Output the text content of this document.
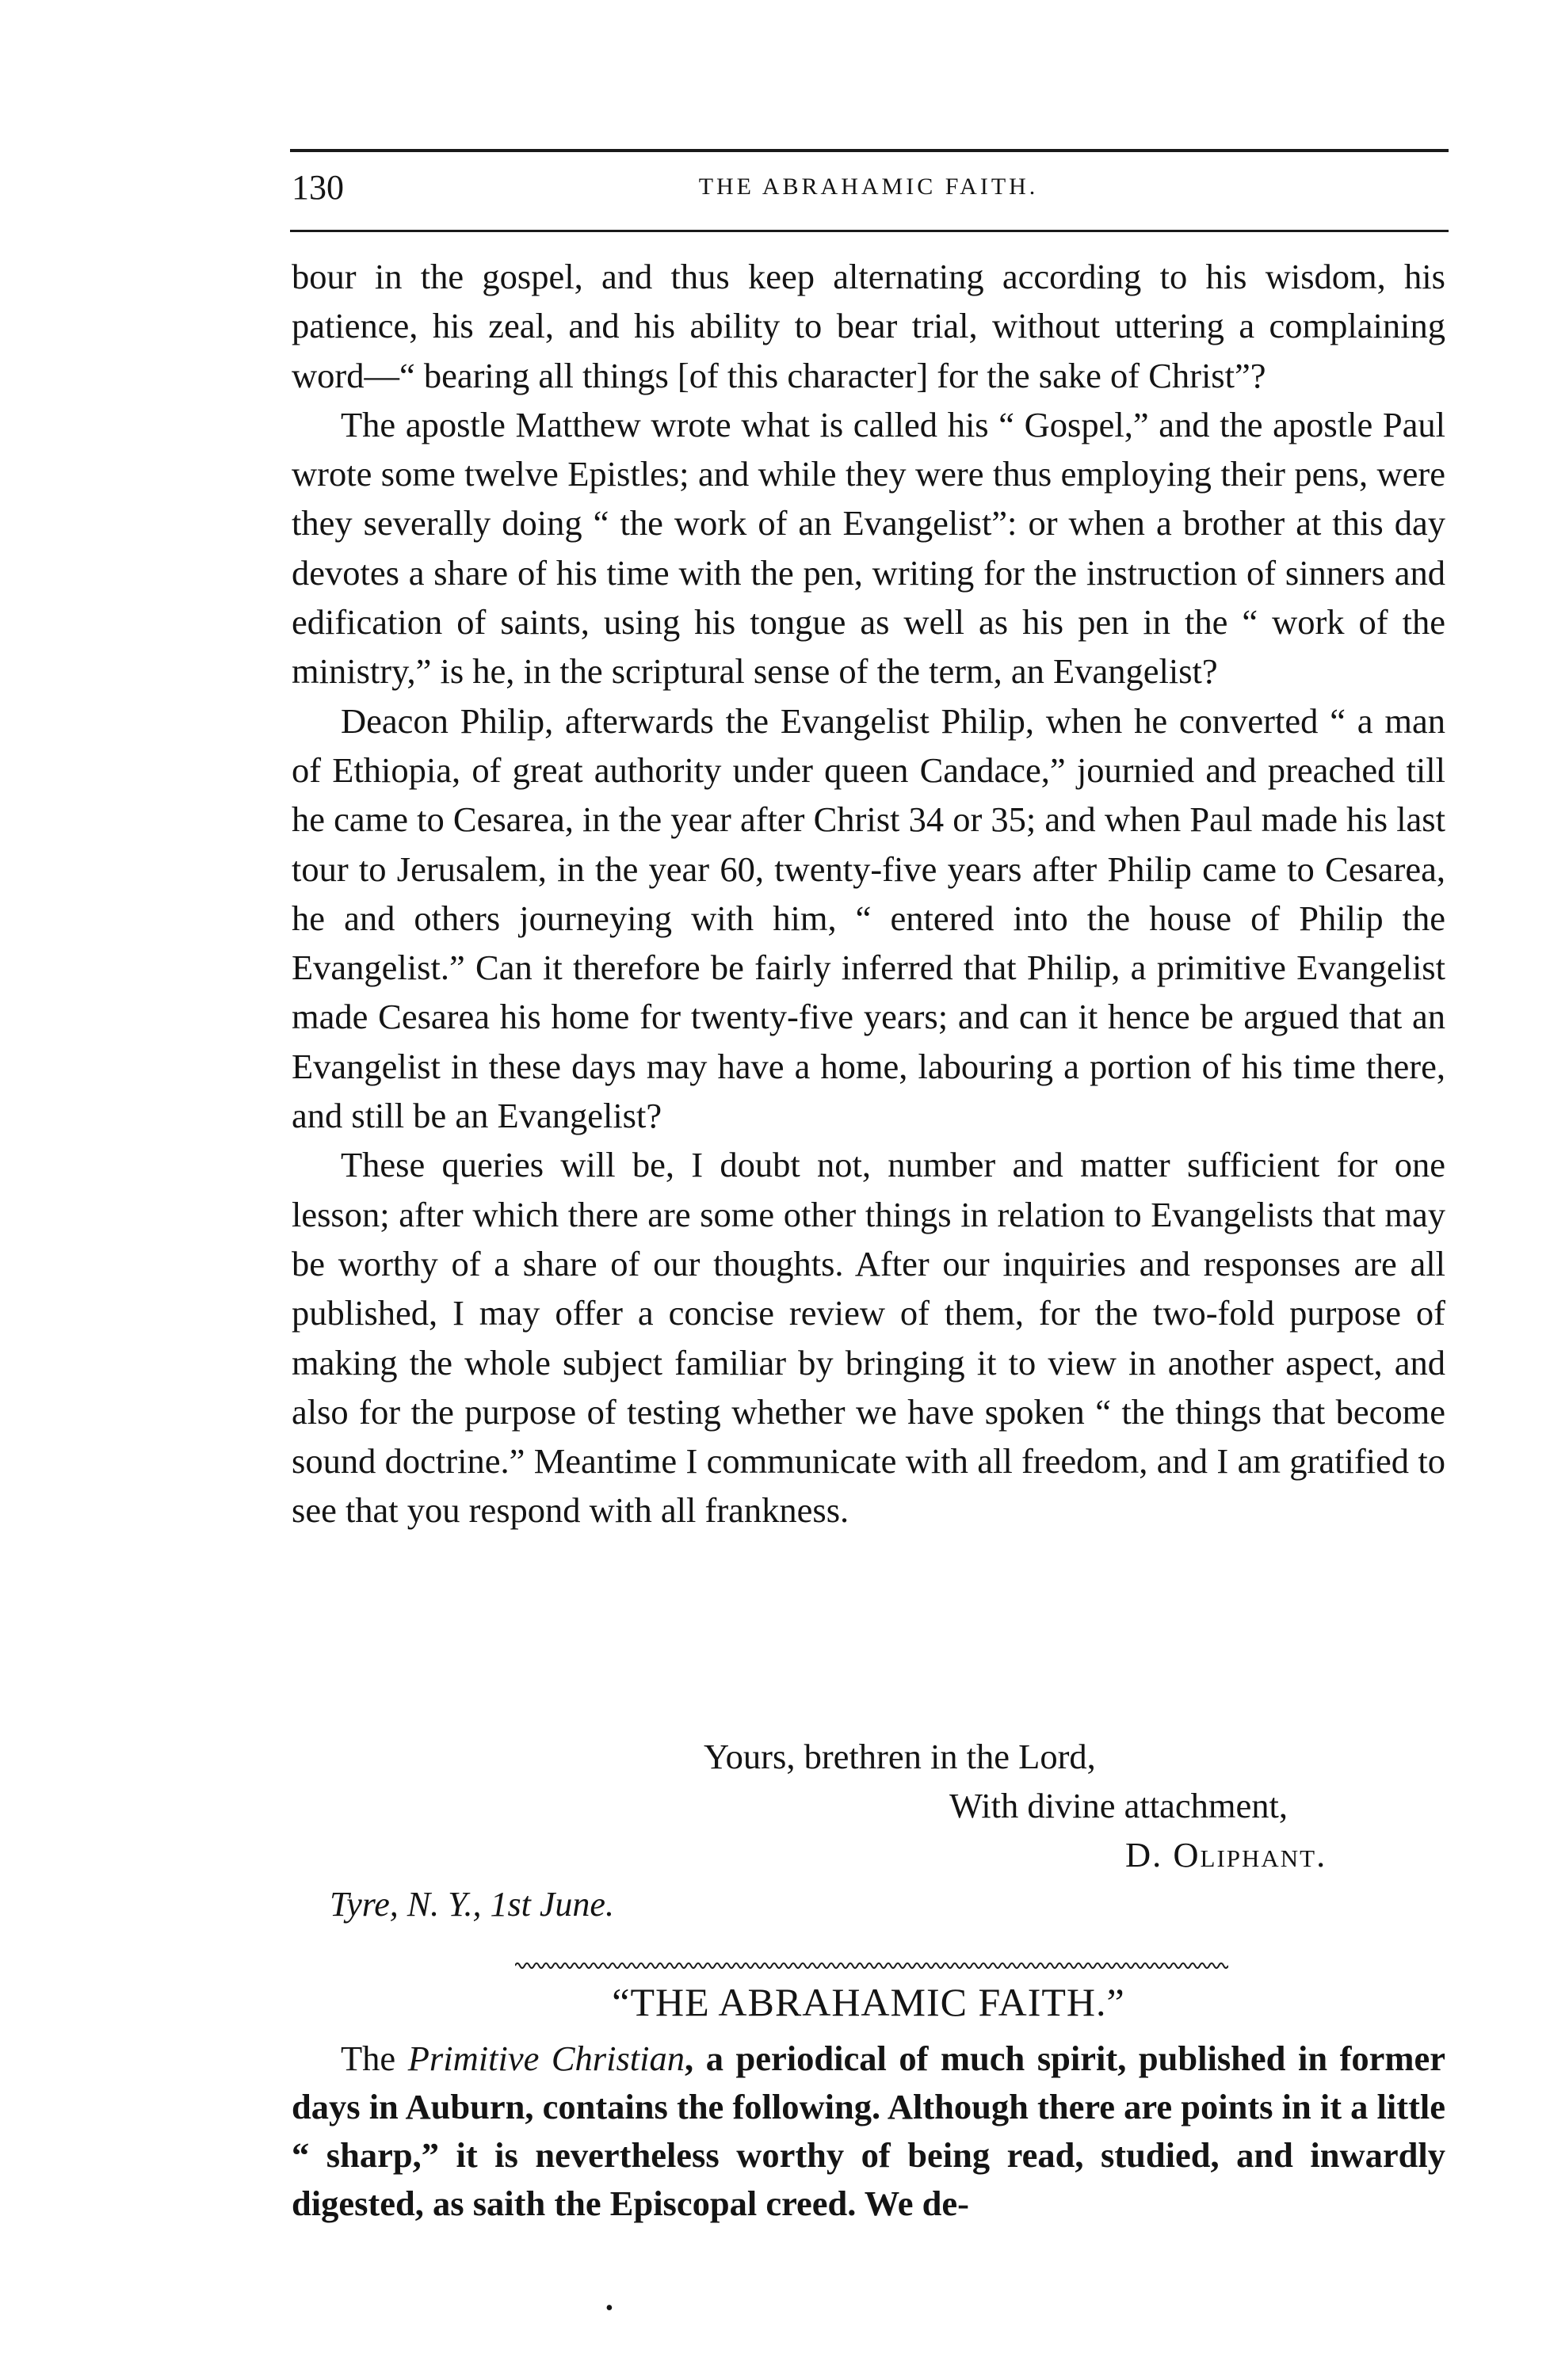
130	THE ABRAHAMIC FAITH.

bour in the gospel, and thus keep alternating according to his wisdom, his patience, his zeal, and his ability to bear trial, without uttering a complaining word—“ bearing all things [of this character] for the sake of Christ”?

The apostle Matthew wrote what is called his “ Gospel,” and the apostle Paul wrote some twelve Epistles; and while they were thus employing their pens, were they severally doing “ the work of an Evangelist”: or when a brother at this day devotes a share of his time with the pen, writing for the instruction of sinners and edification of saints, using his tongue as well as his pen in the “ work of the ministry,” is he, in the scriptural sense of the term, an Evangelist?

Deacon Philip, afterwards the Evangelist Philip, when he converted “ a man of Ethiopia, of great authority under queen Candace,” journied and preached till he came to Cesarea, in the year after Christ 34 or 35; and when Paul made his last tour to Jerusalem, in the year 60, twenty-five years after Philip came to Cesarea, he and others journeying with him, “ entered into the house of Philip the Evangelist.” Can it therefore be fairly inferred that Philip, a primitive Evangelist made Cesarea his home for twenty-five years; and can it hence be argued that an Evangelist in these days may have a home, labouring a portion of his time there, and still be an Evangelist?

These queries will be, I doubt not, number and matter sufficient for one lesson; after which there are some other things in relation to Evangelists that may be worthy of a share of our thoughts. After our inquiries and responses are all published, I may offer a concise review of them, for the two-fold purpose of making the whole subject familiar by bringing it to view in another aspect, and also for the purpose of testing whether we have spoken “ the things that become sound doctrine.” Meantime I communicate with all freedom, and I am gratified to see that you respond with all frankness.

Yours, brethren in the Lord,
With divine attachment,
D. Oliphant.
Tyre, N. Y., 1st June.
“THE ABRAHAMIC FAITH.”

The Primitive Christian, a periodical of much spirit, published in former days in Auburn, contains the following. Although there are points in it a little “ sharp,” it is nevertheless worthy of being read, studied, and inwardly digested, as saith the Episcopal creed. We de-

•
